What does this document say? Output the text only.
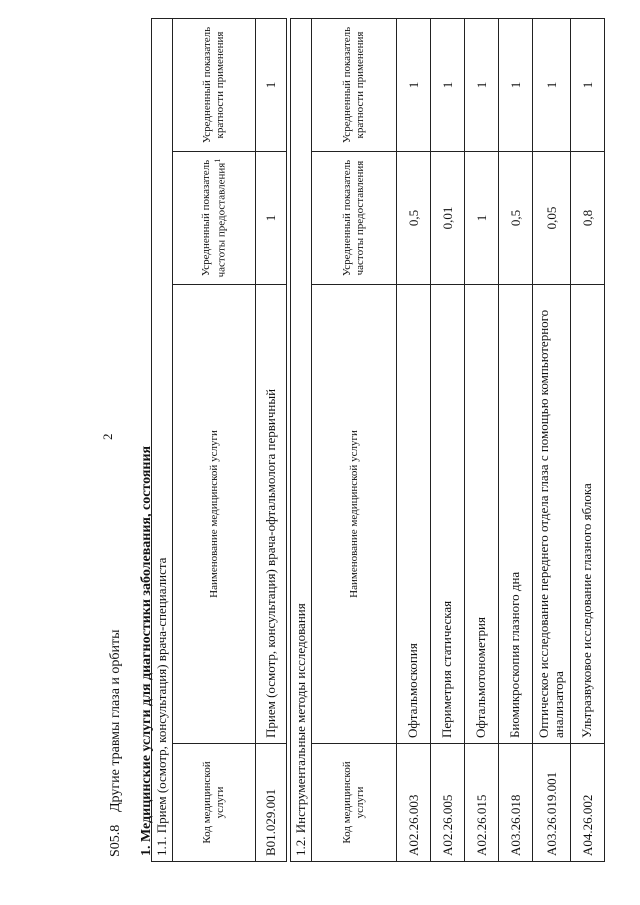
2
S05.8
Другие травмы глаза и орбиты 1. Медицинские услуги для диагностики заболевания, состояния 1.1. Прием (осмотр, консультация) врача-специалиста			
Код медицинской услуги	Наименование медицинской услуги	Усредненный показатель частоты предоставления$^1$	Усредненный показатель кратности применения
B01.029.001	Прием (осмотр, консультация) врача-офтальмолога первичный	1	1
1.2. Инструментальные методы исследования			
Код медицинской услуги	Наименование медицинской услуги	Усредненный показатель частоты предоставления	Усредненный показатель кратности применения
A02.26.003	Офтальмоскопия	0,5	1
A02.26.005	Периметрия статическая	0,01	1
A02.26.015	Офтальмотонометрия	1	1
A03.26.018	Биомикроскопия глазного дна	0,5	1
A03.26.019.001	Оптическое исследование переднего отдела глаза с помощью компьютерного анализатора	0,05	1
A04.26.002	Ультразвуковое исследование глазного яблока	0,8	1
